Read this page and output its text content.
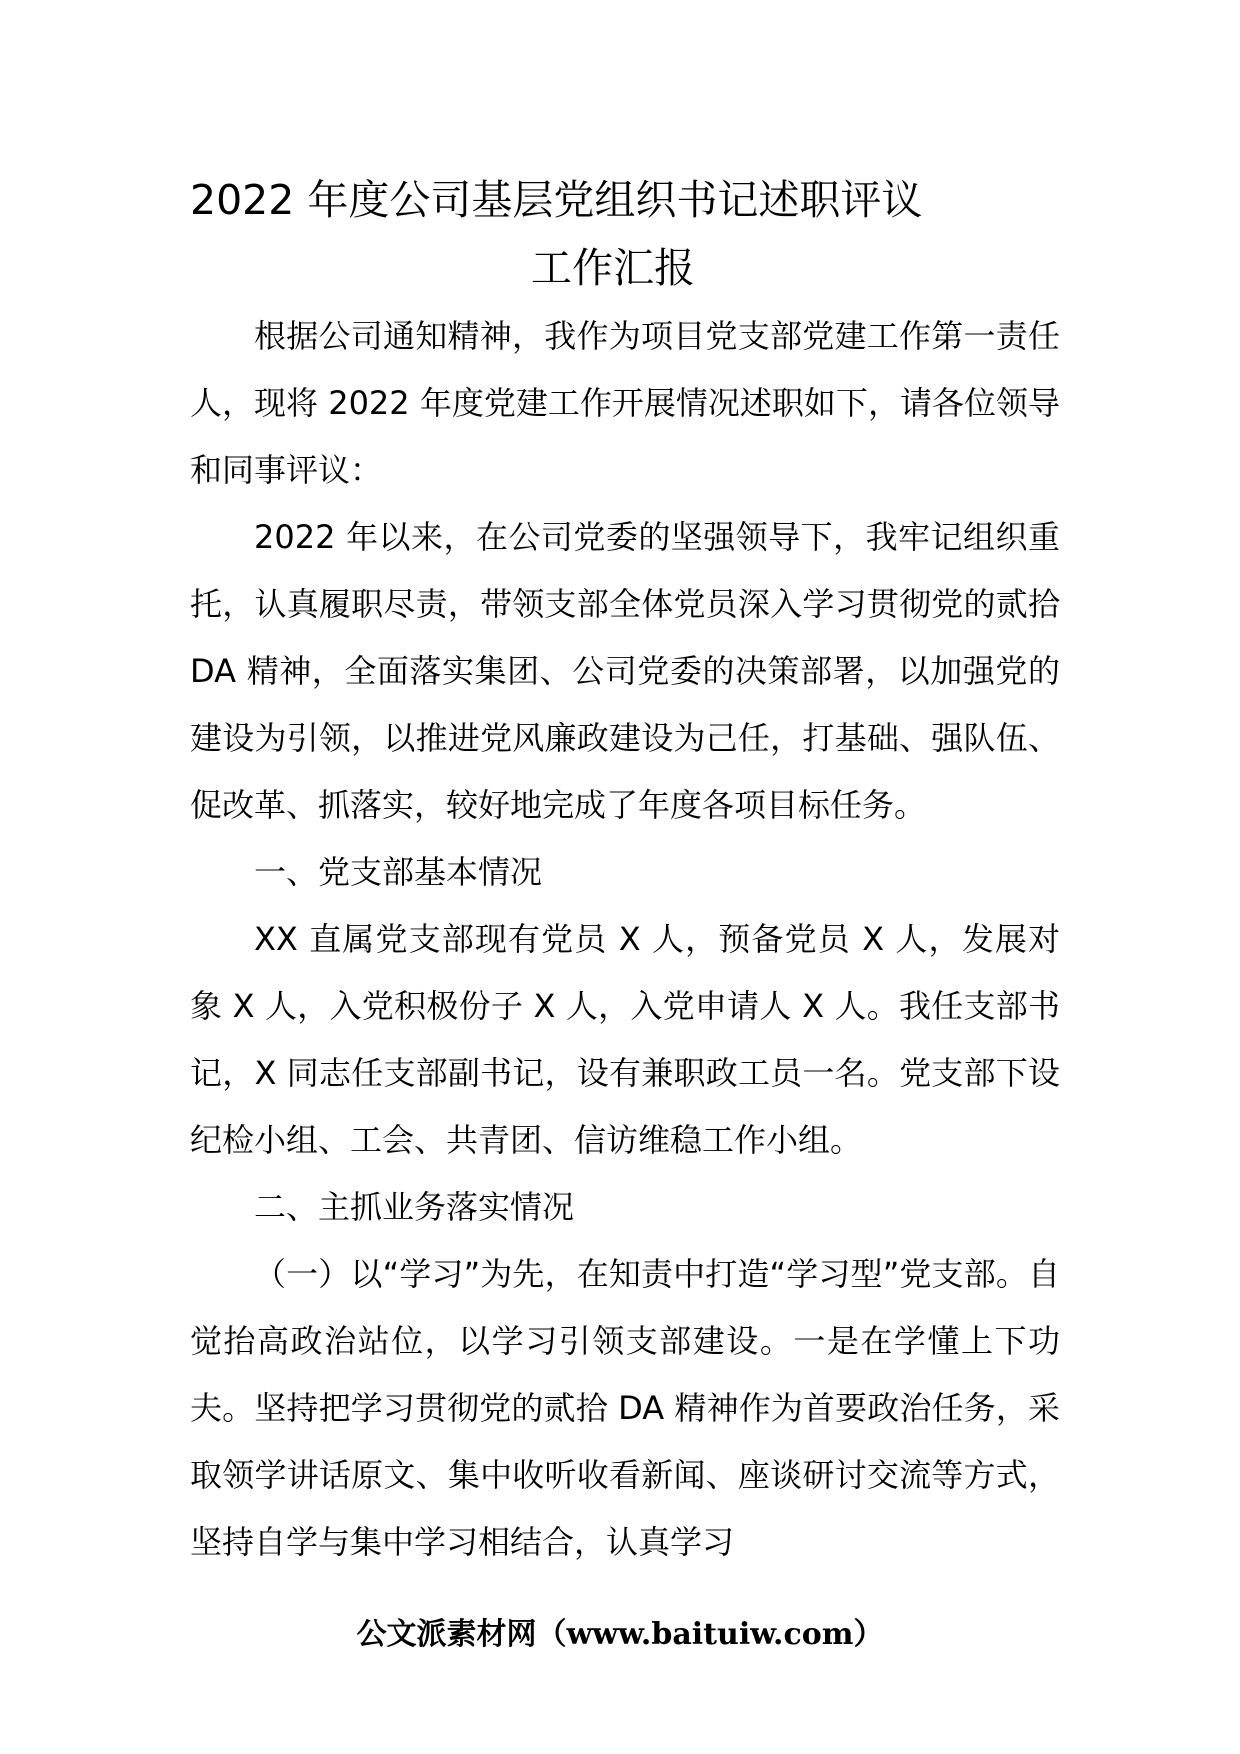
2022 年度公司基层党组织书记述职评议
工作汇报

根据公司通知精神，我作为项目党支部党建工作第一责任人，现将 2022 年度党建工作开展情况述职如下，请各位领导和同事评议：

2022 年以来，在公司党委的坚强领导下，我牢记组织重托，认真履职尽责，带领支部全体党员深入学习贯彻党的贰拾 DA 精神，全面落实集团、公司党委的决策部署，以加强党的建设为引领，以推进党风廉政建设为己任，打基础、强队伍、促改革、抓落实，较好地完成了年度各项目标任务。

一、党支部基本情况

XX 直属党支部现有党员 X 人，预备党员 X 人，发展对象 X 人，入党积极份子 X 人，入党申请人 X 人。我任支部书记，X 同志任支部副书记，设有兼职政工员一名。党支部下设纪检小组、工会、共青团、信访维稳工作小组。

二、主抓业务落实情况

（一）以“学习”为先，在知责中打造“学习型”党支部。自觉抬高政治站位，以学习引领支部建设。一是在学懂上下功夫。坚持把学习贯彻党的贰拾 DA 精神作为首要政治任务，采取领学讲话原文、集中收听收看新闻、座谈研讨交流等方式，坚持自学与集中学习相结合，认真学习

公文派素材网（www.baituiw.com）
